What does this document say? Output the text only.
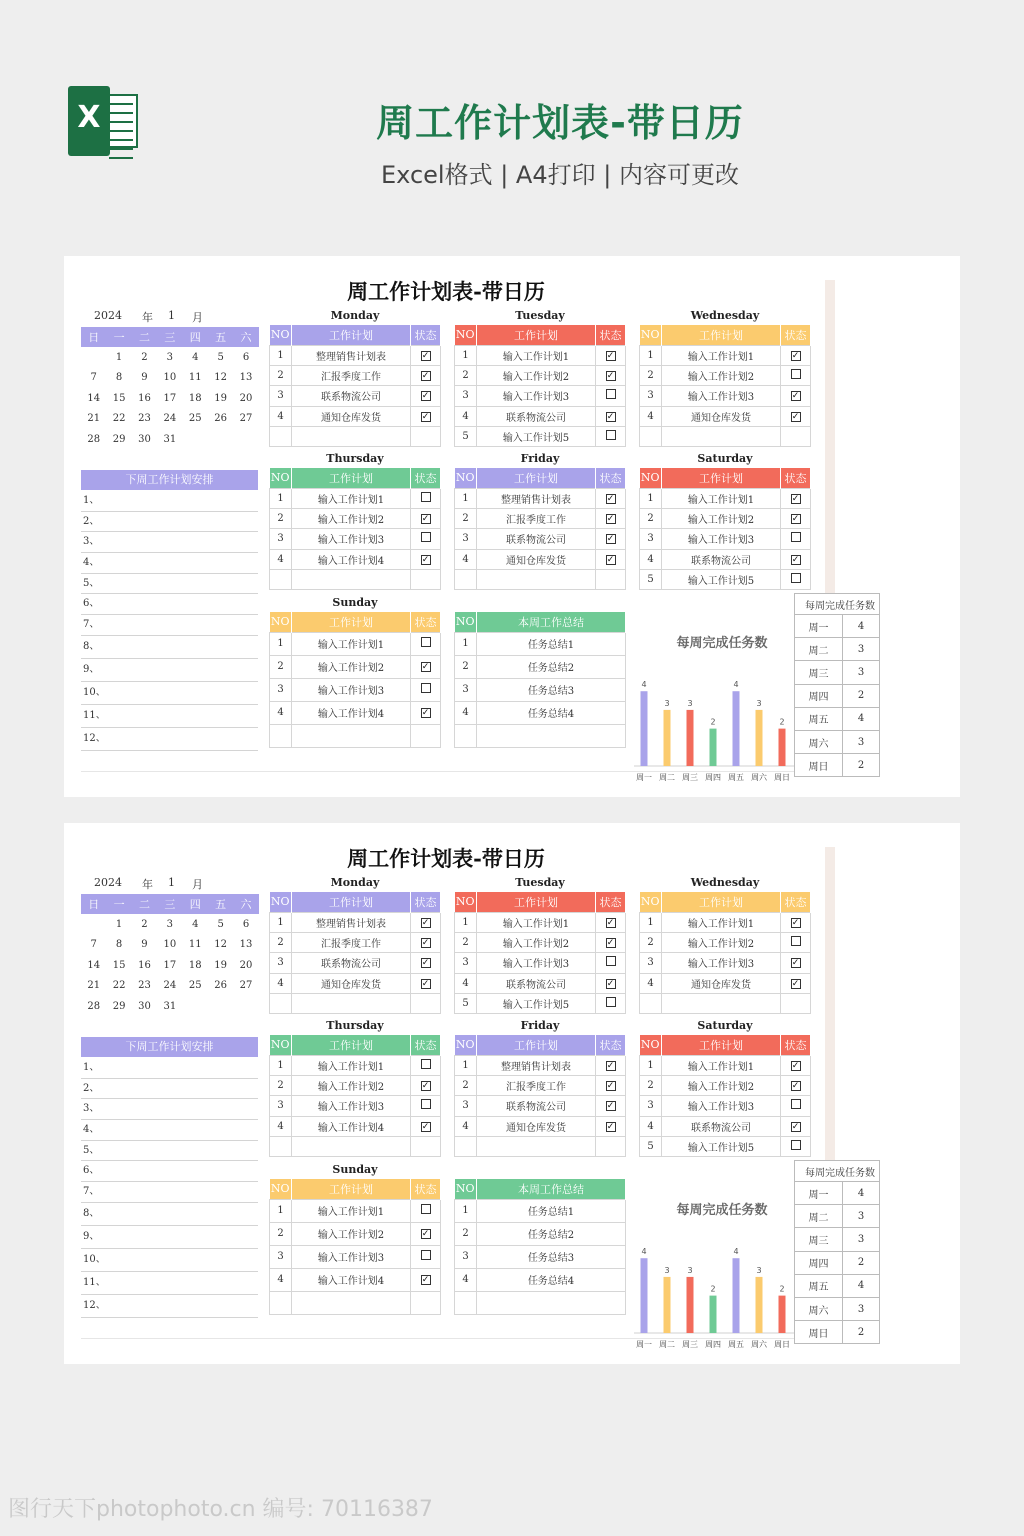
X	周工作计划表-带日历
Excel格式 | A4打印 | 内容可更改
周工作计划表-带日历
2024 年 1 月
日	一	二	三	四	五	六
	1	2	3	4	5	6
7	8	9	10	11	12	13
14	15	16	17	18	19	20
21	22	23	24	25	26	27
28	29	30	31			
下周工作计划安排
1、
2、
3、
4、
5、
6、
7、
8、
9、
10、
11、
12、
Monday
NO	工作计划	状态
1	整理销售计划表	✓
2	汇报季度工作	✓
3	联系物流公司	✓
4	通知仓库发货	✓

Tuesday
NO	工作计划	状态
1	输入工作计划1	✓
2	输入工作计划2	✓
3	输入工作计划3	
4	联系物流公司	✓
5	输入工作计划5	
Wednesday
NO	工作计划	状态
1	输入工作计划1	✓
2	输入工作计划2	
3	输入工作计划3	✓
4	通知仓库发货	✓

Thursday
NO	工作计划	状态
1	输入工作计划1	
2	输入工作计划2	✓
3	输入工作计划3	
4	输入工作计划4	✓

Friday
NO	工作计划	状态
1	整理销售计划表	✓
2	汇报季度工作	✓
3	联系物流公司	✓
4	通知仓库发货	✓

Saturday
NO	工作计划	状态
1	输入工作计划1	✓
2	输入工作计划2	✓
3	输入工作计划3	
4	联系物流公司	✓
5	输入工作计划5	
Sunday
NO	工作计划	状态
1	输入工作计划1	
2	输入工作计划2	✓
3	输入工作计划3	
4	输入工作计划4	✓

NO	本周工作总结
1	任务总结1
2	任务总结2
3	任务总结3
4	任务总结4

每周完成任务数
4
周一
3
周二
3
周三
2
周四
4
周五
3
周六
2
周日
周工作计划表-带日历
2024 年 1 月
日	一	二	三	四	五	六
	1	2	3	4	5	6
7	8	9	10	11	12	13
14	15	16	17	18	19	20
21	22	23	24	25	26	27
28	29	30	31			
下周工作计划安排
1、
2、
3、
4、
5、
6、
7、
8、
9、
10、
11、
12、
Monday
NO	工作计划	状态
1	整理销售计划表	✓
2	汇报季度工作	✓
3	联系物流公司	✓
4	通知仓库发货	✓

Tuesday
NO	工作计划	状态
1	输入工作计划1	✓
2	输入工作计划2	✓
3	输入工作计划3	
4	联系物流公司	✓
5	输入工作计划5	
Wednesday
NO	工作计划	状态
1	输入工作计划1	✓
2	输入工作计划2	
3	输入工作计划3	✓
4	通知仓库发货	✓

Thursday
NO	工作计划	状态
1	输入工作计划1	
2	输入工作计划2	✓
3	输入工作计划3	
4	输入工作计划4	✓

Friday
NO	工作计划	状态
1	整理销售计划表	✓
2	汇报季度工作	✓
3	联系物流公司	✓
4	通知仓库发货	✓

Saturday
NO	工作计划	状态
1	输入工作计划1	✓
2	输入工作计划2	✓
3	输入工作计划3	
4	联系物流公司	✓
5	输入工作计划5	
Sunday
NO	工作计划	状态
1	输入工作计划1	
2	输入工作计划2	✓
3	输入工作计划3	
4	输入工作计划4	✓

NO	本周工作总结
1	任务总结1
2	任务总结2
3	任务总结3
4	任务总结4

每周完成任务数
4
周一
3
周二
3
周三
2
周四
4
周五
3
周六
2
周日
图行天下photophoto.cn 编号: 70116387
每周完成任务数	
周一	4
周二	3
周三	3
周四	2
周五	4
周六	3
周日	2
每周完成任务数	
周一	4
周二	3
周三	3
周四	2
周五	4
周六	3
周日	2
